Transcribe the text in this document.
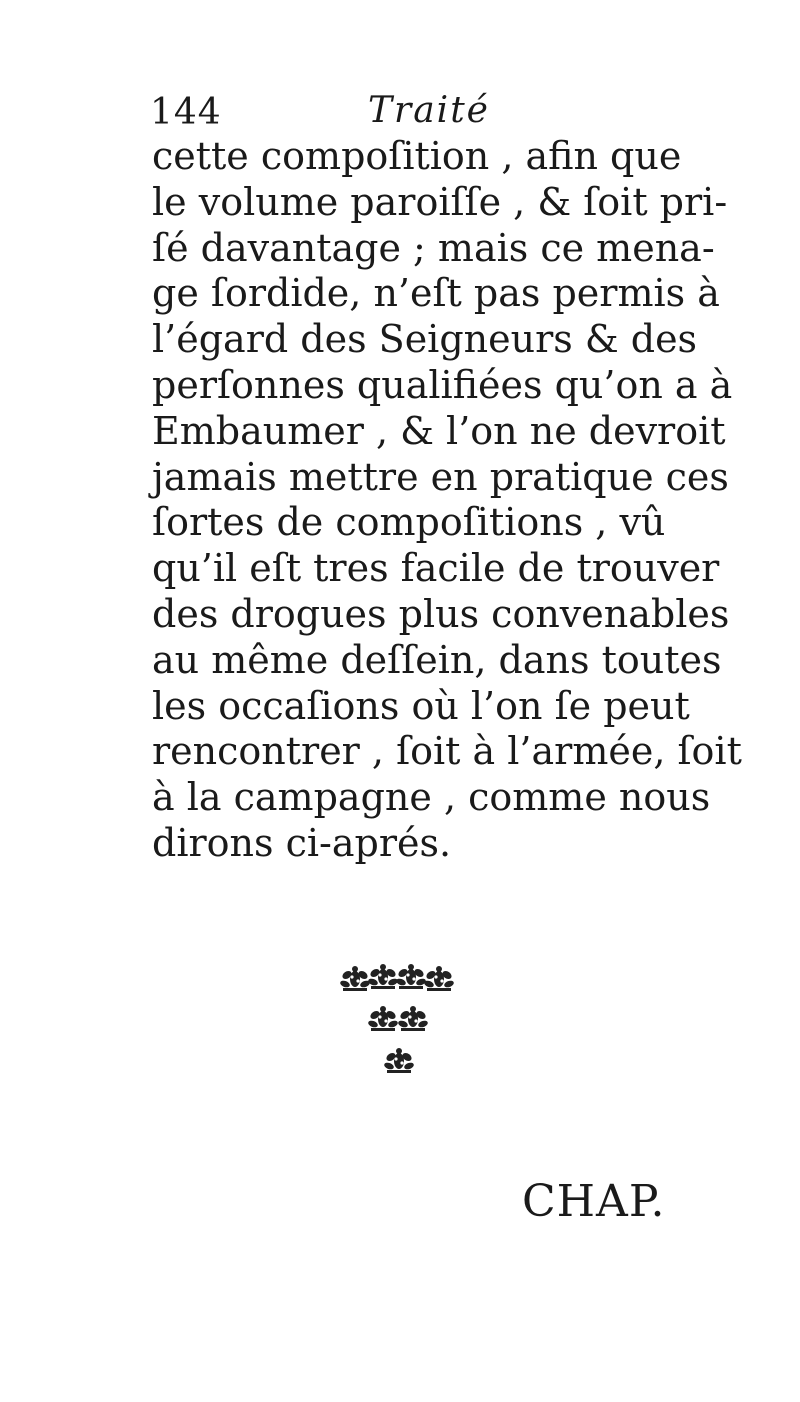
144	Traité
cette compoſition , afin que
le volume paroiſſe , & ſoit pri-
ſé davantage ; mais ce mena-
ge ſordide, n’eſt pas permis à
l’égard des Seigneurs & des
perſonnes qualifiées qu’on a à
Embaumer , & l’on ne devroit
jamais mettre en pratique ces
ſortes de compoſitions , vû
qu’il eſt tres facile de trouver
des drogues plus convenables
au même deſſein, dans toutes
les occaſions où l’on ſe peut
rencontrer , ſoit à l’armée, ſoit
à la campagne , comme nous
dirons ci-aprés.
CHAP.
